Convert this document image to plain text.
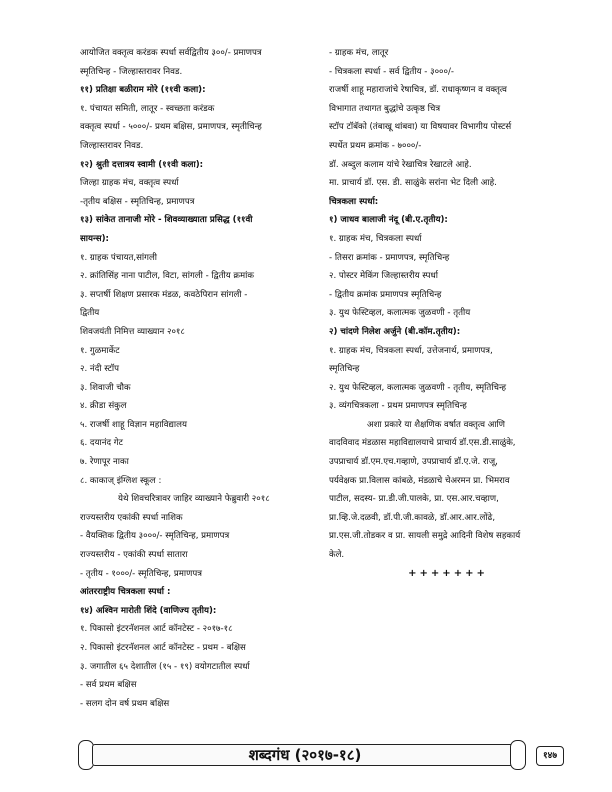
आयोजित वक्तृत्व करंडक स्पर्धा सर्वद्वितीय ३००/- प्रमाणपत्र
स्मृतिचिन्ह - जिल्हास्तरावर निवड.
११) प्रतिक्षा बळीराम मोरे (११वी कला):
१. पंचायत समिती, लातूर - स्वच्छता करंडक
वक्तृत्व स्पर्धा - ५०००/- प्रथम बक्षिस, प्रमाणपत्र, स्मृतीचिन्ह
जिल्हास्तरावर निवड.
१२) श्रुती दत्तात्रय स्वामी (११वी कला):
जिल्हा ग्राहक मंच, वक्तृत्व स्पर्धा
-तृतीय बक्षिस - स्मृतिचिन्ह, प्रमाणपत्र
१३) सांकेत तानाजी मोरे - शिवव्याख्याता प्रसिद्ध (११वी
सायन्स):
१. ग्राहक पंचायत,सांगली
२. क्रांतिसिंह नाना पाटील, विटा, सांगली - द्वितीय क्रमांक
३. सप्तर्षी शिक्षण प्रसारक मंडळ, कवठेपिरान सांगली -
द्वितीय
शिवजयंती निमित्त व्याख्यान २०१८
१. गुळमार्केट
२. नंदी स्टॉप
३. शिवाजी चौक
४. क्रीडा संकुल
५. राजर्षी शाहू विज्ञान महाविद्यालय
६. दयानंद गेट
७. रेणापूर नाका
८. काकाज् इंग्लिश स्कूल :
येथे शिवचरित्रावर जाहिर व्याख्याने फेब्रुवारी २०१८
राज्यस्तरीय एकांकी स्पर्धा नाशिक
- वैयक्तिक द्वितीय ३०००/- स्मृतिचिन्ह, प्रमाणपत्र
राज्यस्तरीय - एकांकी स्पर्धा सातारा
- तृतीय - १०००/- स्मृतिचिन्ह, प्रमाणपत्र
आंतरराष्ट्रीय चित्रकला स्पर्धा :
१४) अश्विन मारोती शिंदे (वाणिज्य तृतीय):
१. पिकासो इंटरनॅशनल आर्ट कॉनटेस्ट - २०१७-१८
२. पिकासो इंटरनॅशनल आर्ट कॉनटेस्ट - प्रथम - बक्षिस
३. जगातील ६५ देशातील (१५ - १९) वयोगटातील स्पर्धा
- सर्व प्रथम बक्षिस
- सलग दोन वर्ष प्रथम बक्षिस
- ग्राहक मंच, लातूर
- चित्रकला स्पर्धा - सर्व द्वितीय - ३०००/-
राजर्षी शाहू महाराजांचे रेषाचित्र, डॉ. राधाकृष्णन व वक्तृत्व
विभागात तथागत बुद्धांचे उत्कृष्ठ चित्र
स्टॉप टॉबॅको (तंबाखू थांबवा) या विषयावर विभागीय पोस्टर्स
स्पर्धेत प्रथम क्रमांक - ७०००/-
डॉ. अब्दुल कलाम यांचे रेखाचित्र रेखाटले आहे.
मा. प्राचार्य डॉ. एस. डी. साळुंके सरांना भेट दिली आहे.
चित्रकला स्पर्धा:
१) जाधव बालाजी नंदू (बी.ए.तृतीय):
१. ग्राहक मंच, चित्रकला स्पर्धा
- तिसरा क्रमांक - प्रमाणपत्र, स्मृतिचिन्ह
२. पोस्टर मेकिंग जिल्हास्तरीय स्पर्धा
- द्वितीय क्रमांक प्रमाणपत्र स्मृतिचिन्ह
३. युथ फेस्टिव्हल, कलात्मक जुळवणी - तृतीय
२) चांदणे निलेश अर्जुने (बी.कॉम.तृतीय):
१. ग्राहक मंच, चित्रकला स्पर्धा, उत्तेजनार्थ, प्रमाणपत्र,
स्मृतिचिन्ह
२. युथ फेस्टिव्हल, कलात्मक जुळवणी - तृतीय, स्मृतिचिन्ह
३. व्यंगचित्रकला - प्रथम प्रमाणपत्र स्मृतिचिन्ह
अशा प्रकारे या शैक्षणिक वर्षात वक्तृत्व आणि
वादविवाद मंडळास महाविद्यालयाचे प्राचार्य डॉ.एस.डी.साळुंके,
उपप्राचार्य डॉ.एम.एच.गव्हाणे, उपप्राचार्य डॉ.ए.जे. राजू,
पर्यवेक्षक प्रा.विलास कांबळे, मंडळाचे चेअरमन प्रा. भिमराव
पाटील, सदस्य- प्रा.डी.जी.पालके, प्रा. एस.आर.चव्हाण,
प्रा.व्हि.जे.दळवी, डॉ.पी.जी.कावळे, डॉ.आर.आर.लोंढे,
प्रा.एस.जी.तोडकर व प्रा. सायली समुद्रे आदिनी विशेष सहकार्य
केले.
+++++++
शब्दगंध (२०१७-१८)	१४७
